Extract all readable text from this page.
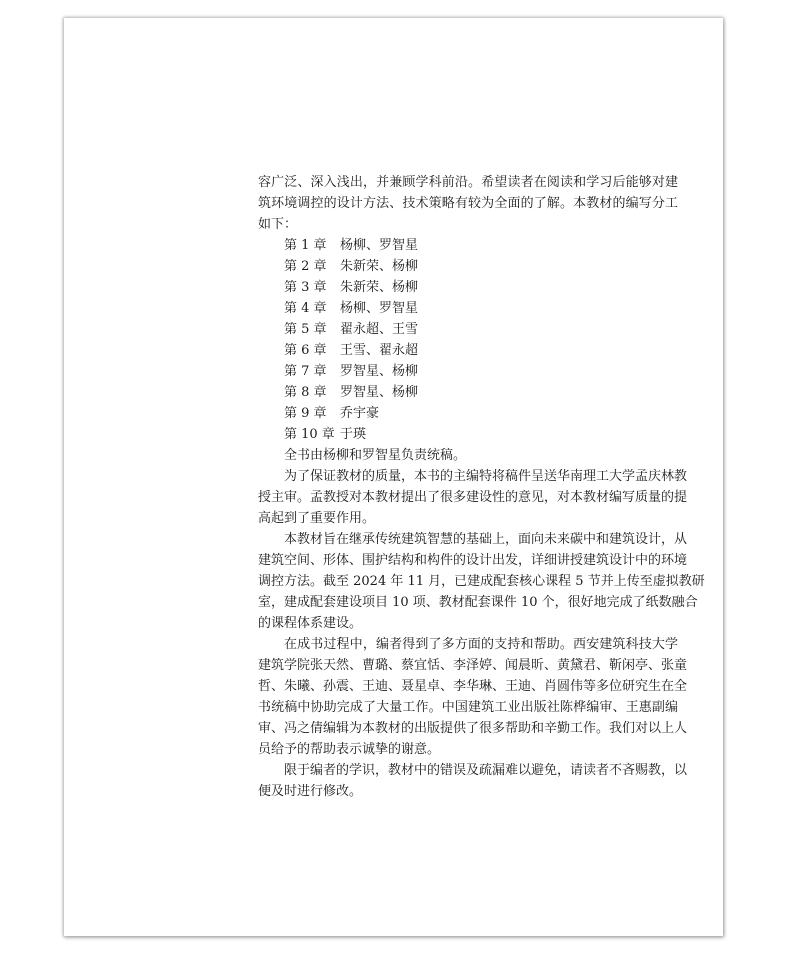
容广泛、深入浅出，并兼顾学科前沿。希望读者在阅读和学习后能够对建
筑环境调控的设计方法、技术策略有较为全面的了解。本教材的编写分工
如下：
第 1 章 杨柳、罗智星
第 2 章 朱新荣、杨柳
第 3 章 朱新荣、杨柳
第 4 章 杨柳、罗智星
第 5 章 翟永超、王雪
第 6 章 王雪、翟永超
第 7 章 罗智星、杨柳
第 8 章 罗智星、杨柳
第 9 章 乔宇豪
第 10 章 于瑛
全书由杨柳和罗智星负责统稿。
为了保证教材的质量，本书的主编特将稿件呈送华南理工大学孟庆林教
授主审。孟教授对本教材提出了很多建设性的意见，对本教材编写质量的提
高起到了重要作用。
本教材旨在继承传统建筑智慧的基础上，面向未来碳中和建筑设计，从
建筑空间、形体、围护结构和构件的设计出发，详细讲授建筑设计中的环境
调控方法。截至 2024 年 11 月，已建成配套核心课程 5 节并上传至虚拟教研
室，建成配套建设项目 10 项、教材配套课件 10 个，很好地完成了纸数融合
的课程体系建设。
在成书过程中，编者得到了多方面的支持和帮助。西安建筑科技大学
建筑学院张天然、曹璐、蔡宜恬、李泽婷、闻晨昕、黄黛君、靳闲亭、张童
哲、朱曦、孙震、王迪、聂星卓、李华琳、王迪、肖圆伟等多位研究生在全
书统稿中协助完成了大量工作。中国建筑工业出版社陈桦编审、王惠副编
审、冯之倩编辑为本教材的出版提供了很多帮助和辛勤工作。我们对以上人
员给予的帮助表示诚挚的谢意。
限于编者的学识，教材中的错误及疏漏难以避免，请读者不吝赐教，以
便及时进行修改。
